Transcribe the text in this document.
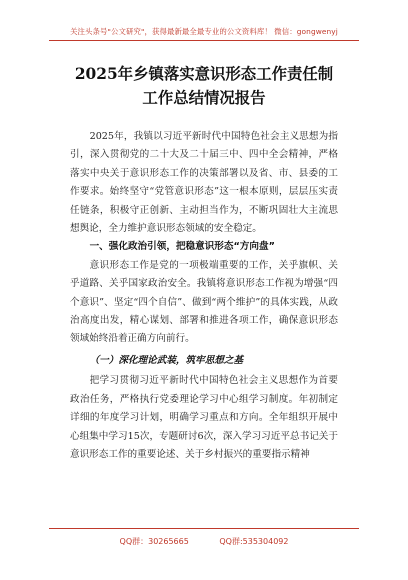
关注头条号"公文研究"，获得最新最全最专业的公文资料库！ 微信：gongwenyj
2025年乡镇落实意识形态工作责任制工作总结情况报告

2025年，我镇以习近平新时代中国特色社会主义思想为指引，深入贯彻党的二十大及二十届三中、四中全会精神，严格落实中央关于意识形态工作的决策部署以及省、市、县委的工作要求。始终坚守“党管意识形态”这一根本原则，层层压实责任链条，积极守正创新、主动担当作为，不断巩固壮大主流思想舆论，全力维护意识形态领域的安全稳定。

一、强化政治引领，把稳意识形态“方向盘”

意识形态工作是党的一项极端重要的工作，关乎旗帜、关乎道路、关乎国家政治安全。我镇将意识形态工作视为增强“四个意识”、坚定“四个自信”、做到“两个维护”的具体实践，从政治高度出发，精心谋划、部署和推进各项工作，确保意识形态领域始终沿着正确方向前行。

（一）深化理论武装，筑牢思想之基

把学习贯彻习近平新时代中国特色社会主义思想作为首要政治任务，严格执行党委理论学习中心组学习制度。年初制定详细的年度学习计划，明确学习重点和方向。全年组织开展中心组集中学习15次，专题研讨6次，深入学习习近平总书记关于意识形态工作的重要论述、关于乡村振兴的重要指示精神

QQ群：30265665	QQ群:535304092
